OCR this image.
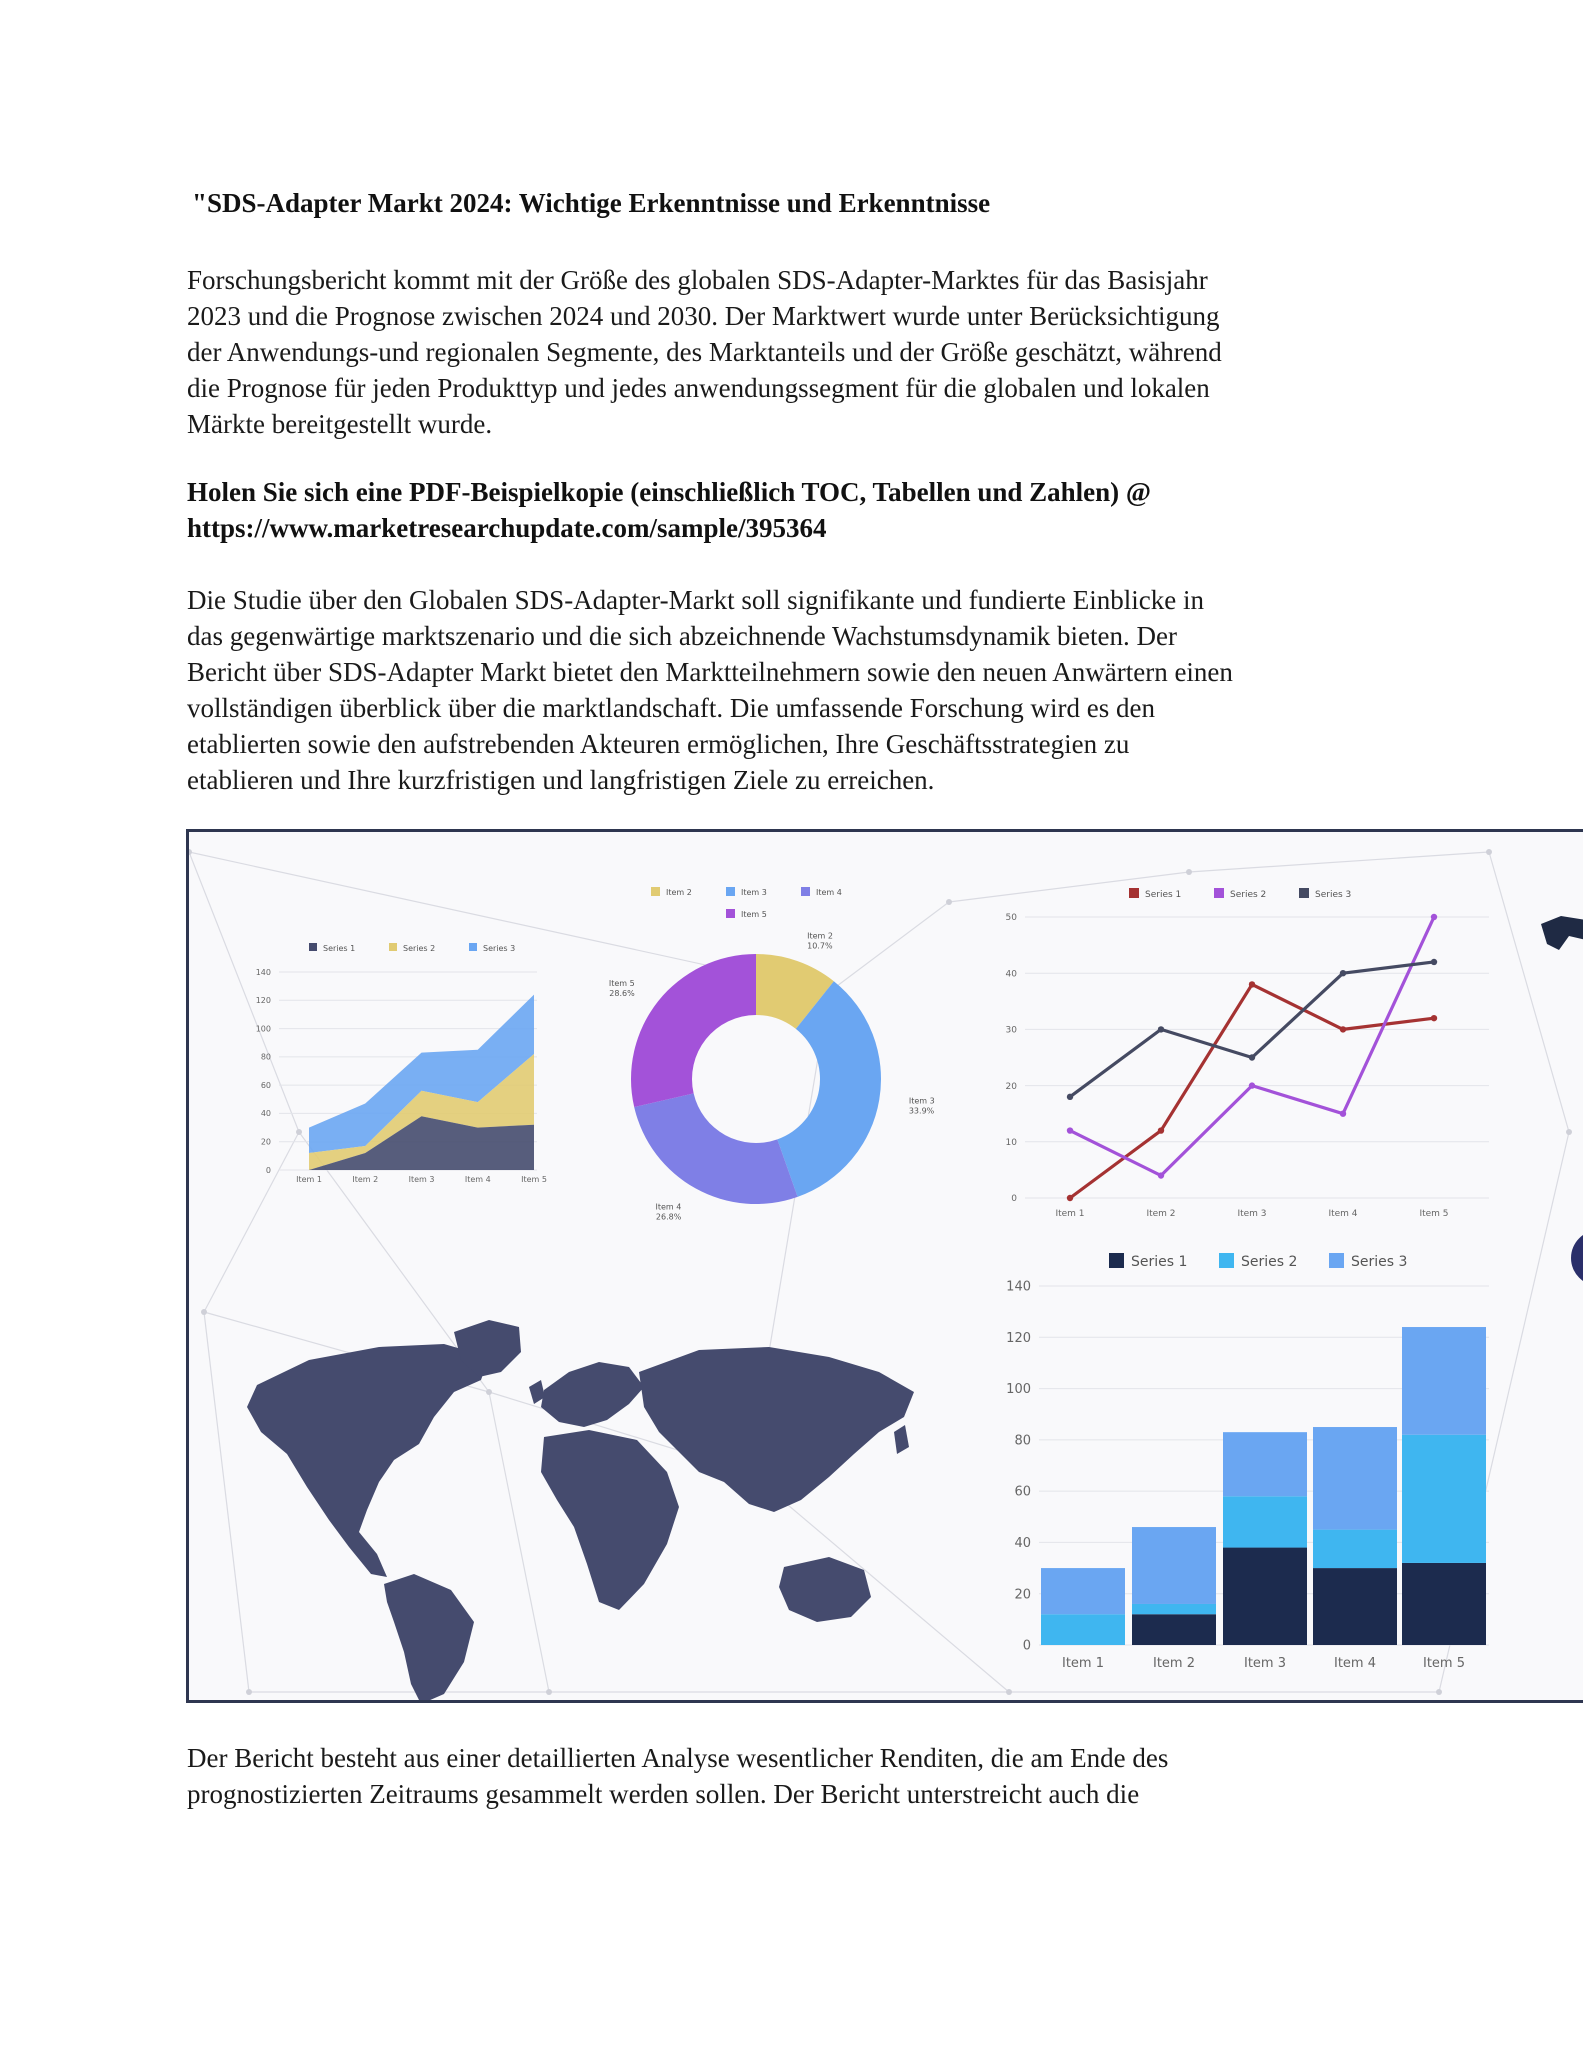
"SDS-Adapter Markt 2024: Wichtige Erkenntnisse und Erkenntnisse

Forschungsbericht kommt mit der Größe des globalen SDS-Adapter-Marktes für das Basisjahr
2023 und die Prognose zwischen 2024 und 2030. Der Marktwert wurde unter Berücksichtigung
der Anwendungs-und regionalen Segmente, des Marktanteils und der Größe geschätzt, während
die Prognose für jeden Produkttyp und jedes anwendungssegment für die globalen und lokalen
Märkte bereitgestellt wurde.

Holen Sie sich eine PDF-Beispielkopie (einschließlich TOC, Tabellen und Zahlen) @
https://www.marketresearchupdate.com/sample/395364

Die Studie über den Globalen SDS-Adapter-Markt soll signifikante und fundierte Einblicke in
das gegenwärtige marktszenario und die sich abzeichnende Wachstumsdynamik bieten. Der
Bericht über SDS-Adapter Markt bietet den Marktteilnehmern sowie den neuen Anwärtern einen
vollständigen überblick über die marktlandschaft. Die umfassende Forschung wird es den
etablierten sowie den aufstrebenden Akteuren ermöglichen, Ihre Geschäftsstrategien zu
etablieren und Ihre kurzfristigen und langfristigen Ziele zu erreichen.

0
20
40
60
80
100
120
140
Item 1	Item 2	Item 3	Item 4	Item 5
Series 1	Series 2	Series 3
Item 2
10.7%
Item 3
33.9%
Item 4
26.8%
Item 5
28.6%
Item 2	Item 3	Item 4
Item 5
0
10
20
30
40
50
Item 1	Item 2	Item 3	Item 4	Item 5
Series 1	Series 2	Series 3
0
20
40
60
80
100
120
140
Item 1	Item 2	Item 3	Item 4	Item 5
Series 1	Series 2	Series 3

Der Bericht besteht aus einer detaillierten Analyse wesentlicher Renditen, die am Ende des
prognostizierten Zeitraums gesammelt werden sollen. Der Bericht unterstreicht auch die
